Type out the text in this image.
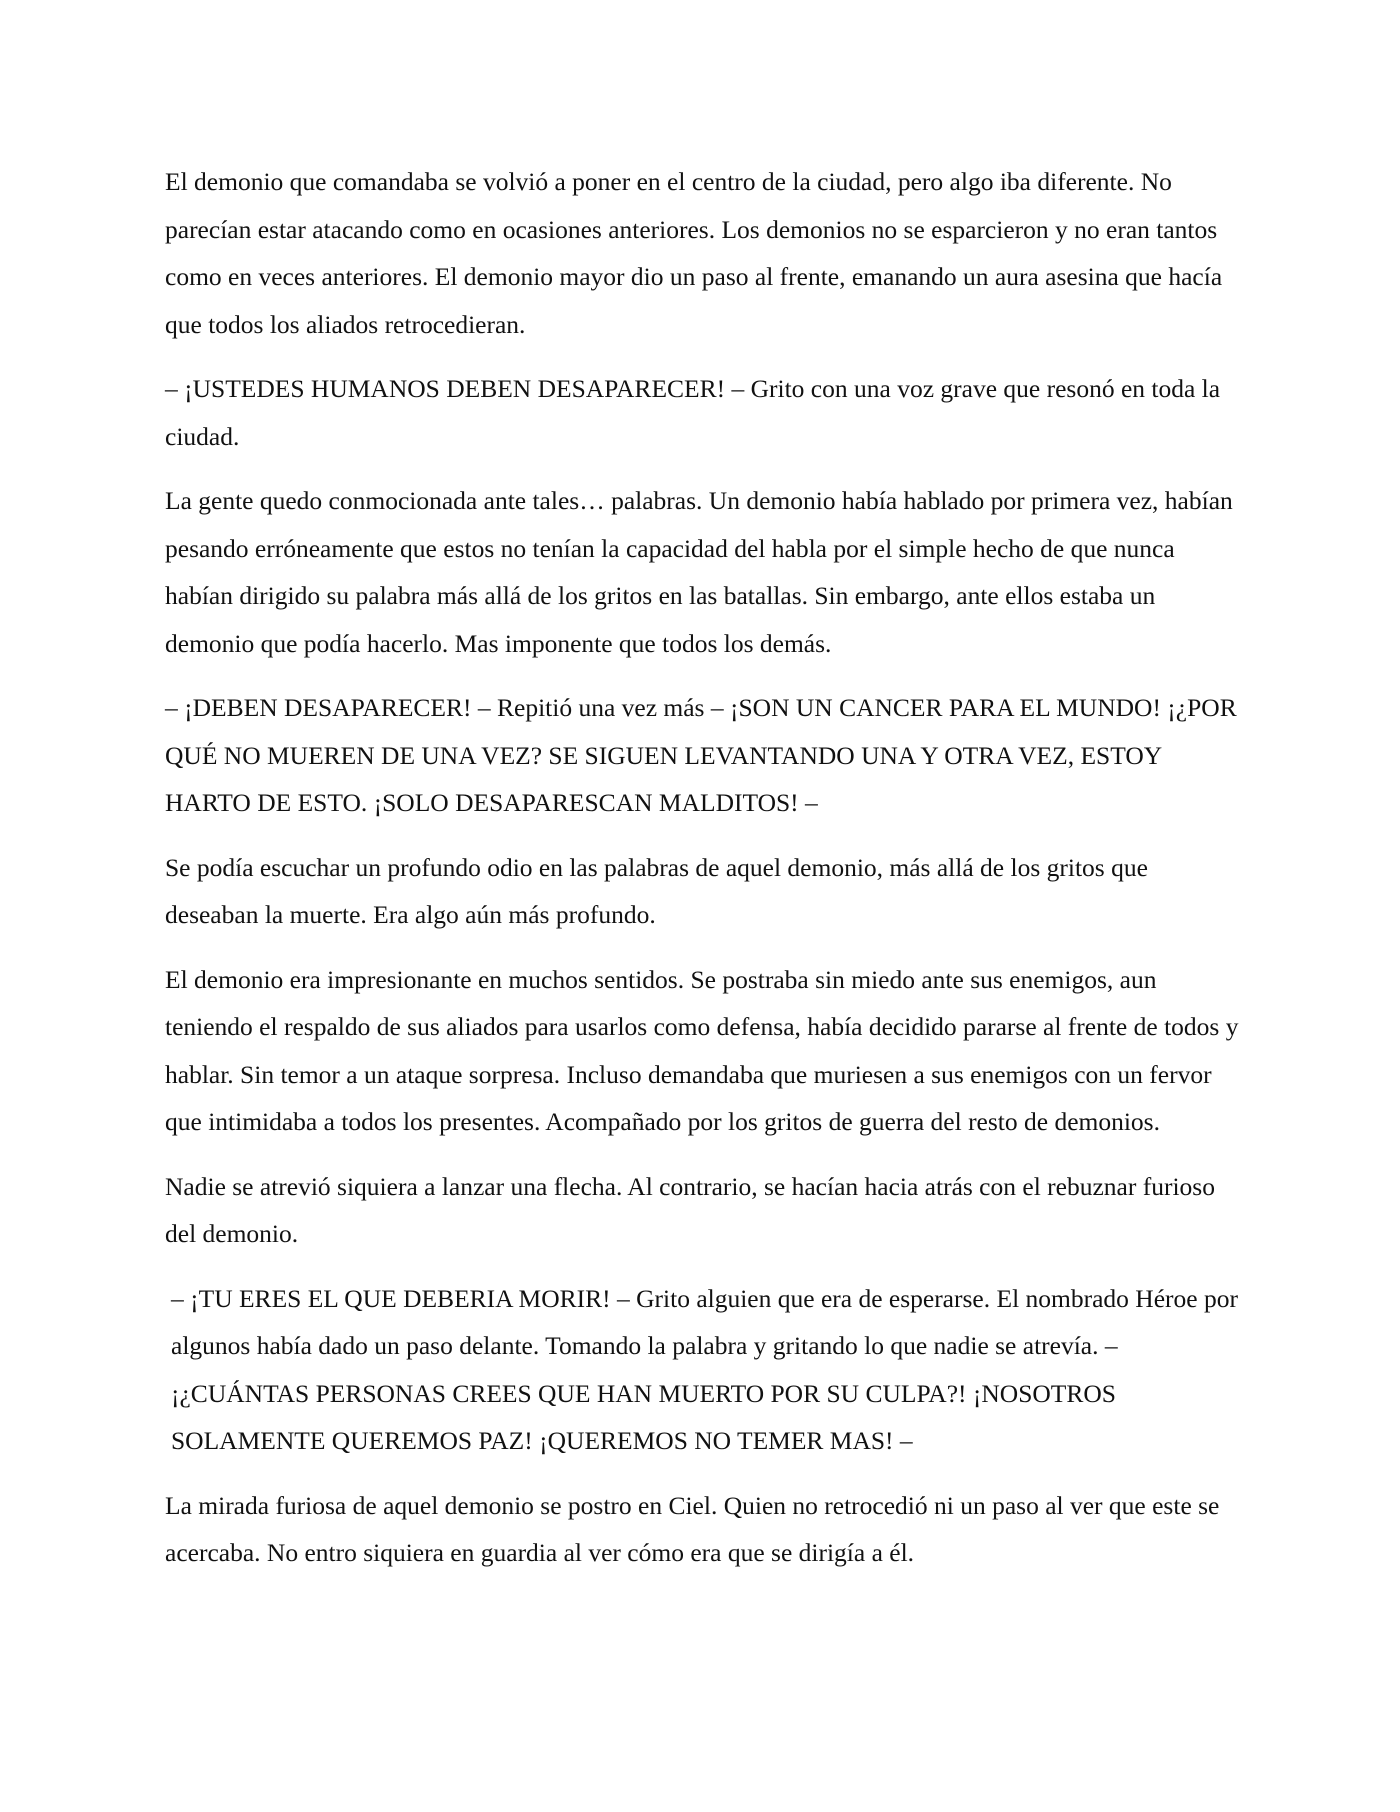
El demonio que comandaba se volvió a poner en el centro de la ciudad, pero algo iba diferente. No parecían estar atacando como en ocasiones anteriores. Los demonios no se esparcieron y no eran tantos como en veces anteriores. El demonio mayor dio un paso al frente, emanando un aura asesina que hacía que todos los aliados retrocedieran.

– ¡USTEDES HUMANOS DEBEN DESAPARECER! – Grito con una voz grave que resonó en toda la ciudad.

La gente quedo conmocionada ante tales… palabras. Un demonio había hablado por primera vez, habían pesando erróneamente que estos no tenían la capacidad del habla por el simple hecho de que nunca habían dirigido su palabra más allá de los gritos en las batallas. Sin embargo, ante ellos estaba un demonio que podía hacerlo. Mas imponente que todos los demás.

– ¡DEBEN DESAPARECER! – Repitió una vez más – ¡SON UN CANCER PARA EL MUNDO! ¡¿POR QUÉ NO MUEREN DE UNA VEZ? SE SIGUEN LEVANTANDO UNA Y OTRA VEZ, ESTOY HARTO DE ESTO. ¡SOLO DESAPARESCAN MALDITOS! –

Se podía escuchar un profundo odio en las palabras de aquel demonio, más allá de los gritos que deseaban la muerte. Era algo aún más profundo.

El demonio era impresionante en muchos sentidos. Se postraba sin miedo ante sus enemigos, aun teniendo el respaldo de sus aliados para usarlos como defensa, había decidido pararse al frente de todos y hablar. Sin temor a un ataque sorpresa. Incluso demandaba que muriesen a sus enemigos con un fervor que intimidaba a todos los presentes. Acompañado por los gritos de guerra del resto de demonios.

Nadie se atrevió siquiera a lanzar una flecha. Al contrario, se hacían hacia atrás con el rebuznar furioso del demonio.

– ¡TU ERES EL QUE DEBERIA MORIR! – Grito alguien que era de esperarse. El nombrado Héroe por algunos había dado un paso delante. Tomando la palabra y gritando lo que nadie se atrevía. – ¡¿CUÁNTAS PERSONAS CREES QUE HAN MUERTO POR SU CULPA?! ¡NOSOTROS SOLAMENTE QUEREMOS PAZ! ¡QUEREMOS NO TEMER MAS! –

La mirada furiosa de aquel demonio se postro en Ciel. Quien no retrocedió ni un paso al ver que este se acercaba. No entro siquiera en guardia al ver cómo era que se dirigía a él.
